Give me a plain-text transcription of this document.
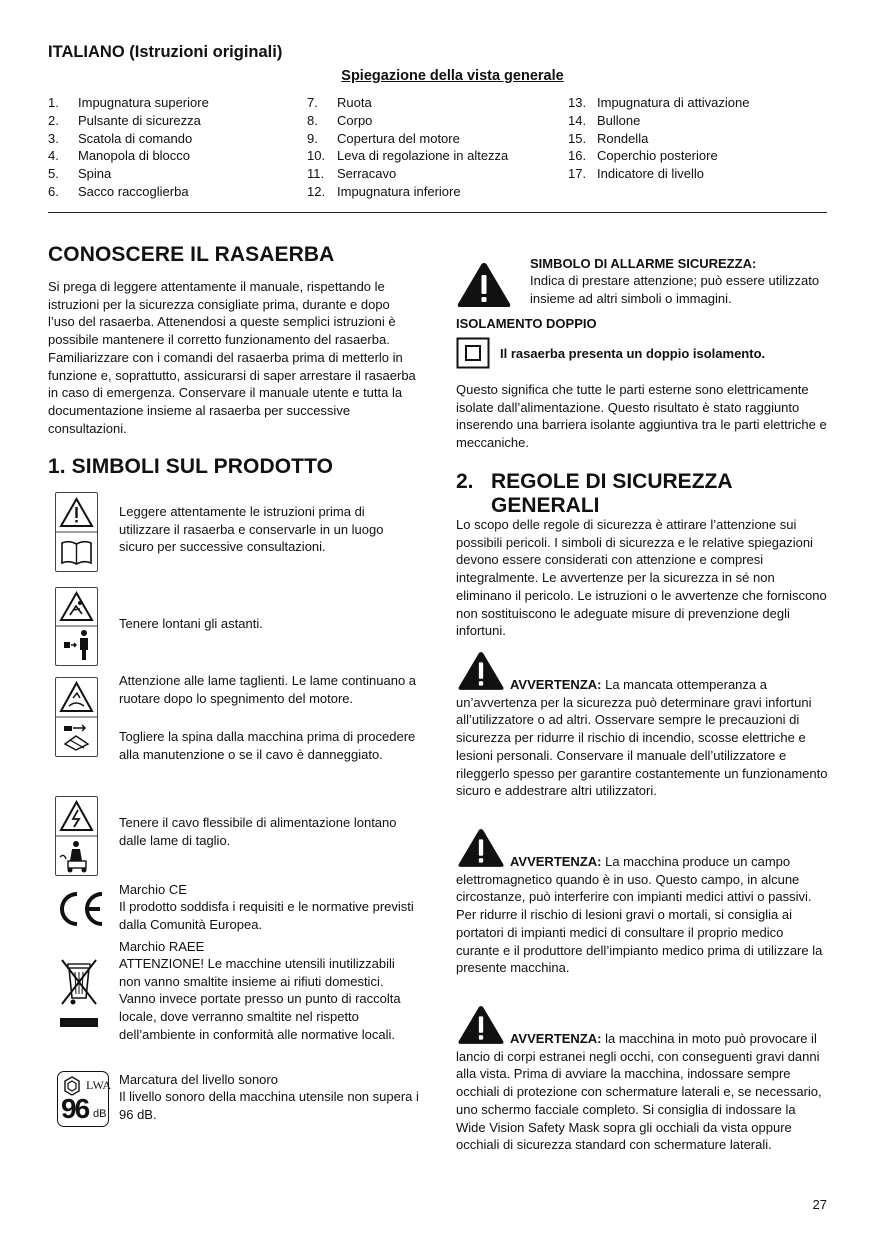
ITALIANO (Istruzioni originali)
Spiegazione della vista generale
1.	Impugnatura superiore
2.	Pulsante di sicurezza
3.	Scatola di comando
4.	Manopola di blocco
5.	Spina
6.	Sacco raccoglierba
7.	Ruota
8.	Corpo
9.	Copertura del motore
10. Leva di regolazione in altezza
11. Serracavo
12. Impugnatura inferiore
13. Impugnatura di attivazione
14. Bullone
15. Rondella
16. Coperchio posteriore
17. Indicatore di livello
CONOSCERE IL RASAERBA

Si prega di leggere attentamente il manuale, rispettando le istruzioni per la sicurezza consigliate prima, durante e dopo l’uso del rasaerba. Attenendosi a queste semplici istruzioni è possibile mantenere il corretto funzionamento del rasaerba. Familiarizzare con i comandi del rasaerba prima di metterlo in funzione e, soprattutto, assicurarsi di saper arrestare il rasaerba in caso di emergenza. Conservare il manuale utente e tutta la documentazione insieme al rasaerba per successive consultazioni.

1. SIMBOLI SUL PRODOTTO

Leggere attentamente le istruzioni prima di utilizzare il rasaerba e conservarle in un luogo sicuro per successive consultazioni.

Tenere lontani gli astanti.

Attenzione alle lame taglienti. Le lame continuano a ruotare dopo lo spegnimento del motore.

Togliere la spina dalla macchina prima di procedere alla manutenzione o se il cavo è danneggiato.

Tenere il cavo flessibile di alimentazione lontano dalle lame di taglio.

Marchio CE

Il prodotto soddisfa i requisiti e le normative previsti dalla Comunità Europea.

Marchio RAEE

ATTENZIONE! Le macchine utensili inutilizzabili non vanno smaltite insieme ai rifiuti domestici. Vanno invece portate presso un punto di raccolta locale, dove verranno smaltite nel rispetto dell’ambiente in conformità alle normative locali.

LWA
96 dB
Marcatura del livello sonoro

Il livello sonoro della macchina utensile non supera i 96 dB.

SIMBOLO DI ALLARME SICUREZZA:

Indica di prestare attenzione; può essere utilizzato insieme ad altri simboli o immagini.

ISOLAMENTO DOPPIO
Il rasaerba presenta un doppio isolamento.

Questo significa che tutte le parti esterne sono elettricamente isolate dall’alimentazione. Questo risultato è stato raggiunto inserendo una barriera isolante aggiuntiva tra le parti elettriche e meccaniche.

2. REGOLE DI SICUREZZA
GENERALI

Lo scopo delle regole di sicurezza è attirare l’attenzione sui possibili pericoli. I simboli di sicurezza e le relative spiegazioni devono essere considerati con attenzione e compresi integralmente. Le avvertenze per la sicurezza in sé non eliminano il pericolo. Le istruzioni o le avvertenze che forniscono non sostituiscono le adeguate misure di prevenzione degli infortuni.

AVVERTENZA: La mancata ottemperanza a un’avvertenza per la sicurezza può determinare gravi infortuni all’utilizzatore o ad altri. Osservare sempre le precauzioni di sicurezza per ridurre il rischio di incendio, scosse elettriche e lesioni personali. Conservare il manuale dell’utilizzatore e rileggerlo spesso per garantire costantemente un funzionamento sicuro e addestrare altri utilizzatori.

AVVERTENZA: La macchina produce un campo elettromagnetico quando è in uso. Questo campo, in alcune circostanze, può interferire con impianti medici attivi o passivi. Per ridurre il rischio di lesioni gravi o mortali, si consiglia ai portatori di impianti medici di consultare il proprio medico curante e il produttore dell’impianto medico prima di utilizzare la presente macchina.

AVVERTENZA: la macchina in moto può provocare il lancio di corpi estranei negli occhi, con conseguenti gravi danni alla vista. Prima di avviare la macchina, indossare sempre occhiali di protezione con schermature laterali e, se necessario, uno schermo facciale completo. Si consiglia di indossare la Wide Vision Safety Mask sopra gli occhiali da vista oppure occhiali di sicurezza standard con schermature laterali.

27
